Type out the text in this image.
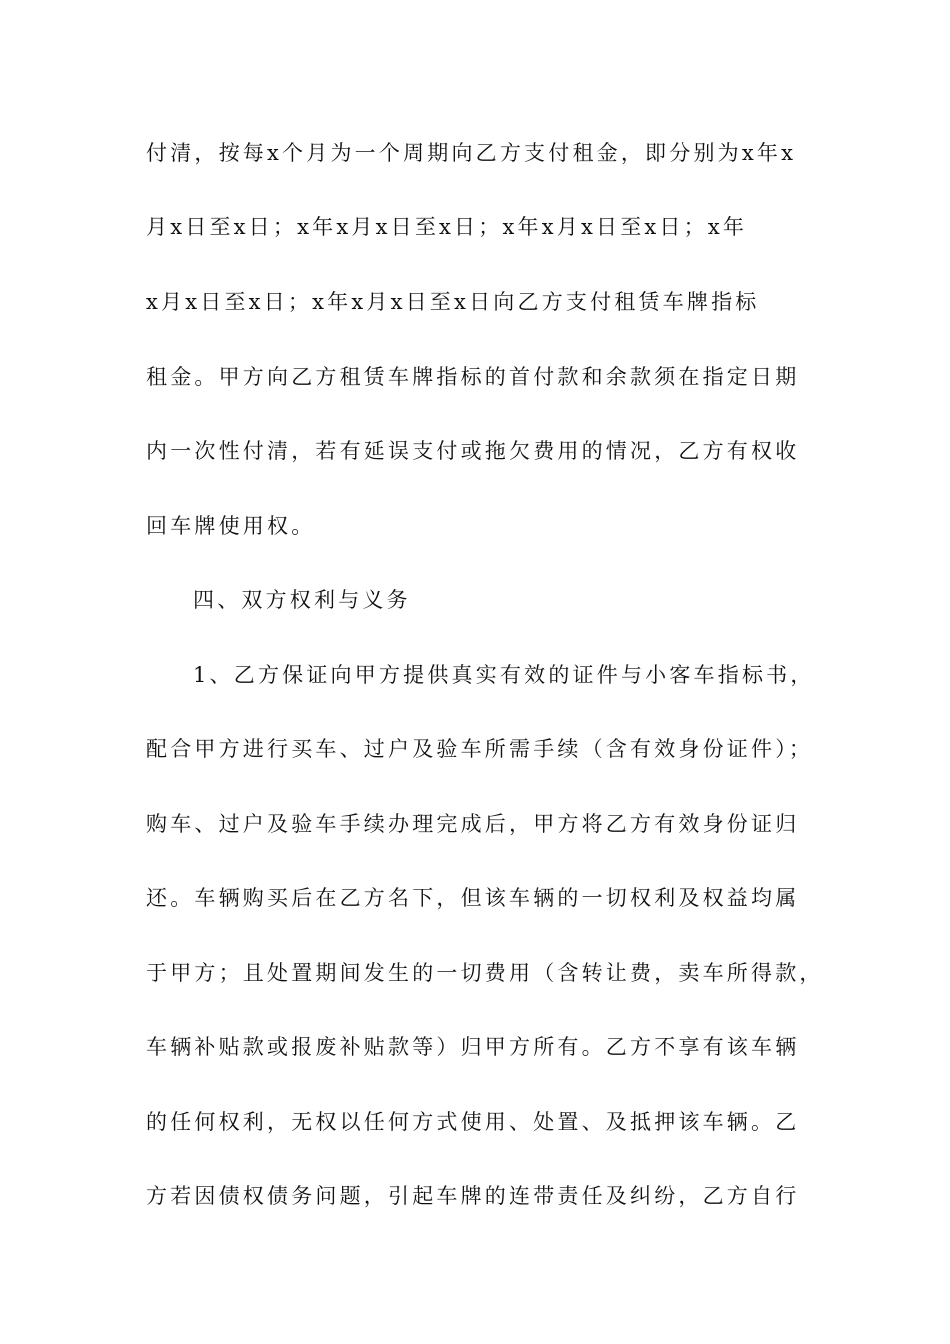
付清，按每x个月为一个周期向乙方支付租金，即分别为x年x
月x日至x日；x年x月x日至x日；x年x月x日至x日；x年
x月x日至x日；x年x月x日至x日向乙方支付租赁车牌指标
租金。甲方向乙方租赁车牌指标的首付款和余款须在指定日期
内一次性付清，若有延误支付或拖欠费用的情况，乙方有权收
回车牌使用权。
四、双方权利与义务
1、乙方保证向甲方提供真实有效的证件与小客车指标书，
配合甲方进行买车、过户及验车所需手续（含有效身份证件）；
购车、过户及验车手续办理完成后，甲方将乙方有效身份证归
还。车辆购买后在乙方名下，但该车辆的一切权利及权益均属
于甲方；且处置期间发生的一切费用（含转让费，卖车所得款，
车辆补贴款或报废补贴款等）归甲方所有。乙方不享有该车辆
的任何权利，无权以任何方式使用、处置、及抵押该车辆。乙
方若因债权债务问题，引起车牌的连带责任及纠纷，乙方自行
